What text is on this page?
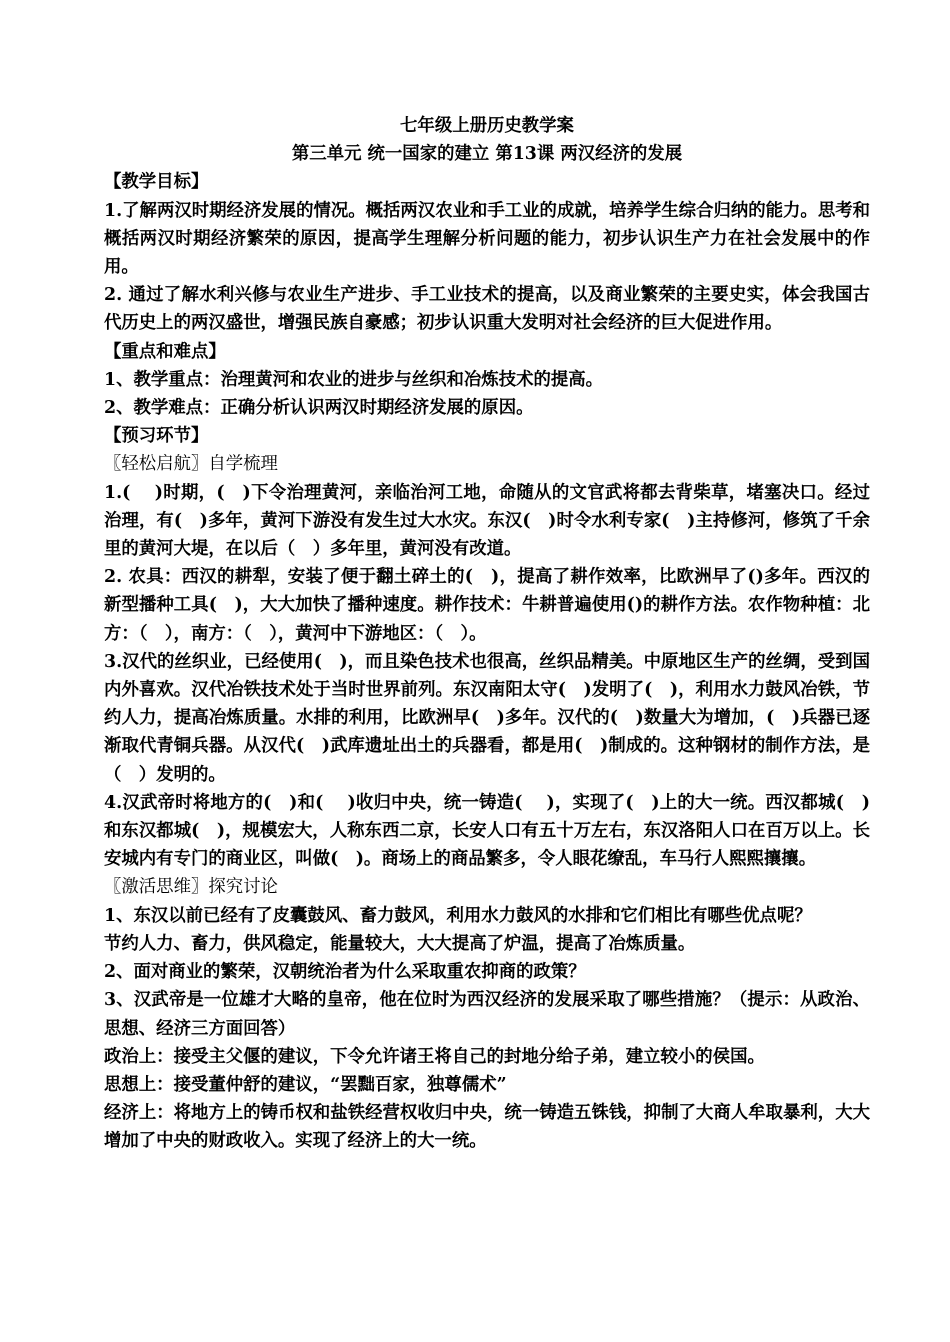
七年级上册历史教学案

第三单元 统一国家的建立 第13课 两汉经济的发展

【教学目标】

1.了解两汉时期经济发展的情况。概括两汉农业和手工业的成就，培养学生综合归纳的能力。思考和概括两汉时期经济繁荣的原因，提高学生理解分析问题的能力，初步认识生产力在社会发展中的作用。

2. 通过了解水利兴修与农业生产进步、手工业技术的提高，以及商业繁荣的主要史实，体会我国古代历史上的两汉盛世，增强民族自豪感；初步认识重大发明对社会经济的巨大促进作用。

【重点和难点】

1、教学重点：治理黄河和农业的进步与丝织和冶炼技术的提高。

2、教学难点：正确分析认识两汉时期经济发展的原因。

【预习环节】

〖轻松启航〗自学梳理

1.(　 )时期，(　)下令治理黄河，亲临治河工地，命随从的文官武将都去背柴草，堵塞决口。经过治理，有(　)多年，黄河下游没有发生过大水灾。东汉(　)时令水利专家(　)主持修河，修筑了千余里的黄河大堤，在以后（　）多年里，黄河没有改道。

2. 农具：西汉的耕犁，安装了便于翻土碎土的(　)，提高了耕作效率，比欧洲早了()多年。西汉的新型播种工具(　)，大大加快了播种速度。耕作技术：牛耕普遍使用()的耕作方法。农作物种植：北方：（　），南方：（　），黄河中下游地区：（　）。

3.汉代的丝织业，已经使用(　)，而且染色技术也很高，丝织品精美。中原地区生产的丝绸，受到国内外喜欢。汉代冶铁技术处于当时世界前列。东汉南阳太守(　)发明了(　)，利用水力鼓风冶铁，节约人力，提高冶炼质量。水排的利用，比欧洲早(　)多年。汉代的(　)数量大为增加，(　)兵器已逐渐取代青铜兵器。从汉代(　)武库遗址出土的兵器看，都是用(　)制成的。这种钢材的制作方法，是（　）发明的。

4.汉武帝时将地方的(　)和(　 )收归中央，统一铸造(　 )，实现了(　)上的大一统。西汉都城(　)和东汉都城(　)，规模宏大，人称东西二京，长安人口有五十万左右，东汉洛阳人口在百万以上。长安城内有专门的商业区，叫做(　)。商场上的商品繁多，令人眼花缭乱，车马行人熙熙攘攘。

〖激活思维〗探究讨论

1、东汉以前已经有了皮囊鼓风、畜力鼓风，利用水力鼓风的水排和它们相比有哪些优点呢？

节约人力、畜力，供风稳定，能量较大，大大提高了炉温，提高了冶炼质量。

2、面对商业的繁荣，汉朝统治者为什么采取重农抑商的政策？

3、汉武帝是一位雄才大略的皇帝，他在位时为西汉经济的发展采取了哪些措施？（提示：从政治、思想、经济三方面回答）

政治上：接受主父偃的建议，下令允许诸王将自己的封地分给子弟，建立较小的侯国。

思想上：接受董仲舒的建议，“罢黜百家，独尊儒术”

经济上：将地方上的铸币权和盐铁经营权收归中央，统一铸造五铢钱，抑制了大商人牟取暴利，大大增加了中央的财政收入。实现了经济上的大一统。
